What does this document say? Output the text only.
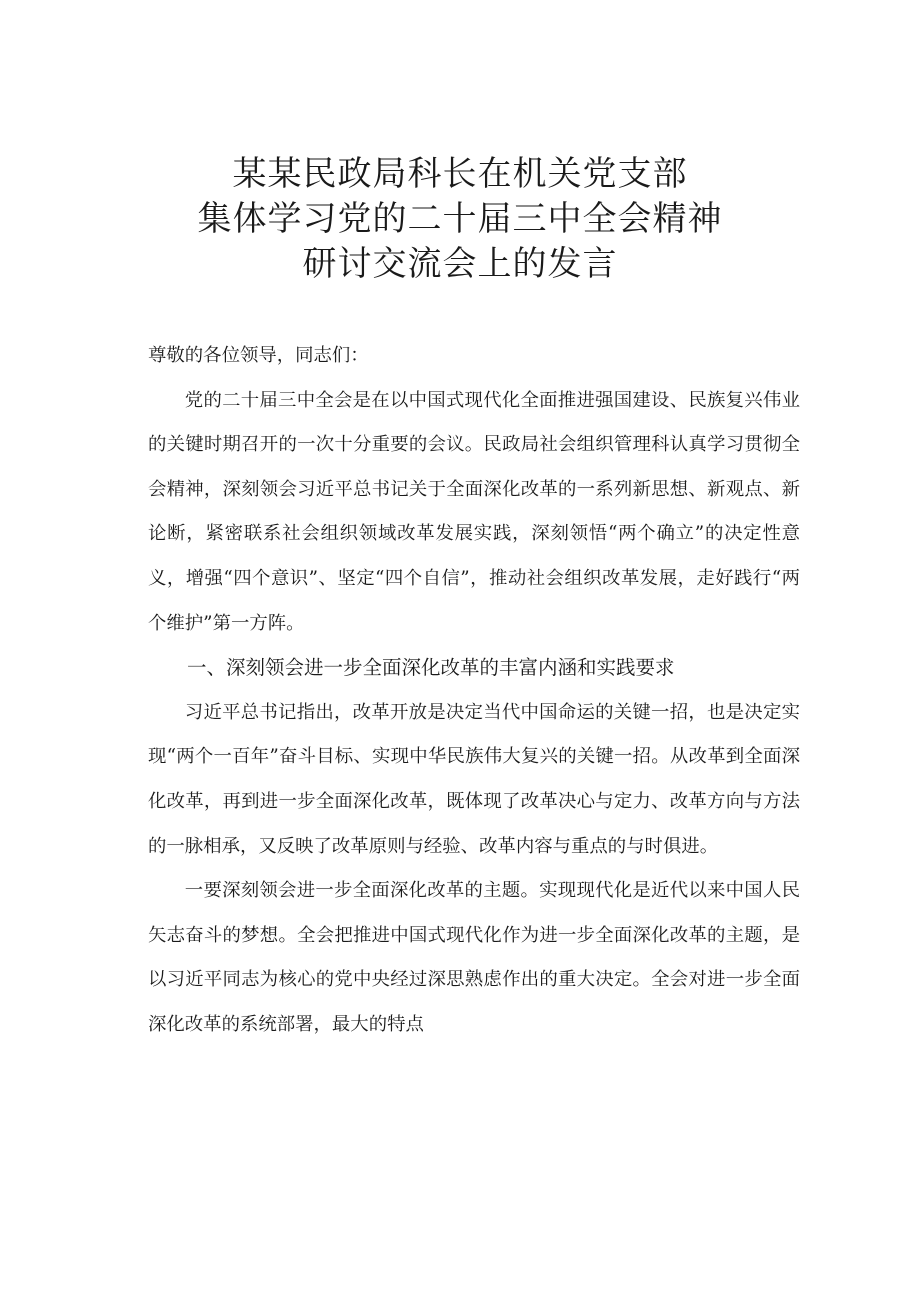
某某民政局科长在机关党支部
集体学习党的二十届三中全会精神
研讨交流会上的发言

尊敬的各位领导，同志们：

党的二十届三中全会是在以中国式现代化全面推进强国建设、民族复兴伟业的关键时期召开的一次十分重要的会议。民政局社会组织管理科认真学习贯彻全会精神，深刻领会习近平总书记关于全面深化改革的一系列新思想、新观点、新论断，紧密联系社会组织领域改革发展实践，深刻领悟“两个确立”的决定性意义，增强“四个意识”、坚定“四个自信”，推动社会组织改革发展，走好践行“两个维护”第一方阵。

一、深刻领会进一步全面深化改革的丰富内涵和实践要求

习近平总书记指出，改革开放是决定当代中国命运的关键一招，也是决定实现“两个一百年”奋斗目标、实现中华民族伟大复兴的关键一招。从改革到全面深化改革，再到进一步全面深化改革，既体现了改革决心与定力、改革方向与方法的一脉相承，又反映了改革原则与经验、改革内容与重点的与时俱进。

一要深刻领会进一步全面深化改革的主题。实现现代化是近代以来中国人民矢志奋斗的梦想。全会把推进中国式现代化作为进一步全面深化改革的主题，是以习近平同志为核心的党中央经过深思熟虑作出的重大决定。全会对进一步全面深化改革的系统部署，最大的特点
